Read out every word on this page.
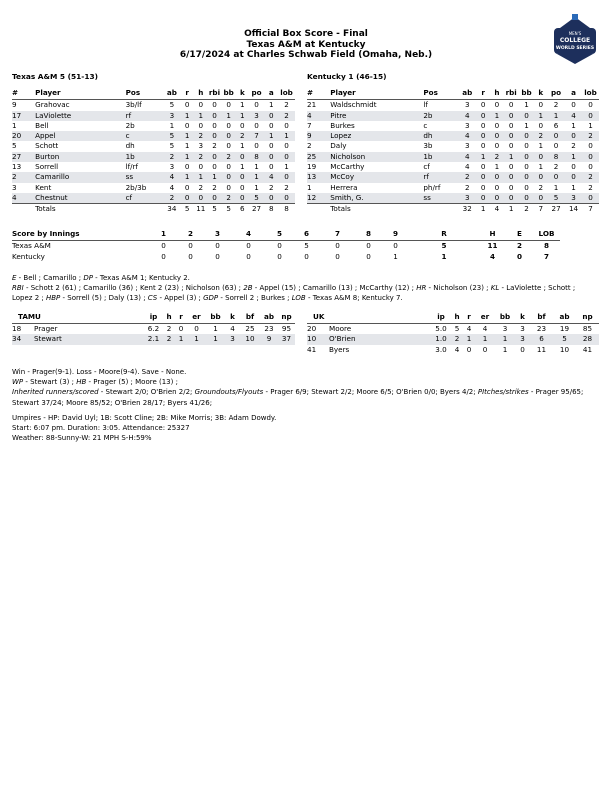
Official Box Score - Final
Texas A&M at Kentucky
6/17/2024 at Charles Schwab Field (Omaha, Neb.)
MEN'S
COLLEGE
WORLD SERIES
Texas A&M 5 (51-13)	Kentucky 1 (46-15)
#	Player	Pos	ab	r	h	rbi	bb	k	po	a	lob
9	Grahovac	3b/lf	5	0	0	0	0	1	0	1	2
17	LaViolette	rf	3	1	1	0	1	1	3	0	2
1	Bell	2b	1	0	0	0	0	0	0	0	0
20	Appel	c	5	1	2	0	0	2	7	1	1
5	Schott	dh	5	1	3	2	0	1	0	0	0
27	Burton	1b	2	1	2	0	2	0	8	0	0
13	Sorrell	lf/rf	3	0	0	0	0	1	1	0	1
2	Camarillo	ss	4	1	1	1	0	0	1	4	0
3	Kent	2b/3b	4	0	2	2	0	0	1	2	2
4	Chestnut	cf	2	0	0	0	2	0	5	0	0
	Totals		34	5	11	5	5	6	27	8	8
#	Player	Pos	ab	r	h	rbi	bb	k	po	a	lob
21	Waldschmidt	lf	3	0	0	0	1	0	2	0	0
4	Pitre	2b	4	0	1	0	0	1	1	4	0
7	Burkes	c	3	0	0	0	1	0	6	1	1
9	Lopez	dh	4	0	0	0	0	2	0	0	2
2	Daly	3b	3	0	0	0	0	1	0	2	0
25	Nicholson	1b	4	1	2	1	0	0	8	1	0
19	McCarthy	cf	4	0	1	0	0	1	2	0	0
13	McCoy	rf	2	0	0	0	0	0	0	0	2
1	Herrera	ph/rf	2	0	0	0	0	2	1	1	2
12	Smith, G.	ss	3	0	0	0	0	0	5	3	0
	Totals		32	1	4	1	2	7	27	14	7
Score by Innings	1	2	3	4	5	6	7	8	9	R	H	E	LOB
Texas A&M	0	0	0	0	0	5	0	0	0	5	11	2	8
Kentucky	0	0	0	0	0	0	0	0	1	1	4	0	7
E - Bell ; Camarillo ; DP - Texas A&M 1; Kentucky 2.
RBI - Schott 2 (61) ; Camarillo (36) ; Kent 2 (23) ; Nicholson (63) ; 2B - Appel (15) ; Camarillo (13) ; McCarthy (12) ; HR - Nicholson (23) ; KL - LaViolette ; Schott ;
Lopez 2 ; HBP - Sorrell (5) ; Daly (13) ; CS - Appel (3) ; GDP - Sorrell 2 ; Burkes ; LOB - Texas A&M 8; Kentucky 7.
TAMU		ip	h	r	er	bb	k	bf	ab	np
18	Prager	6.2	2	0	0	1	4	25	23	95
34	Stewart	2.1	2	1	1	1	3	10	9	37
UK		ip	h	r	er	bb	k	bf	ab	np
20	Moore	5.0	5	4	4	3	3	23	19	85
10	O'Brien	1.0	2	1	1	1	3	6	5	28
41	Byers	3.0	4	0	0	1	0	11	10	41
Win - Prager(9-1). Loss - Moore(9-4). Save - None.
WP - Stewart (3) ; HB - Prager (5) ; Moore (13) ;
Inherited runners/scored - Stewart 2/0; O'Brien 2/2; Groundouts/Flyouts - Prager 6/9; Stewart 2/2; Moore 6/5; O'Brien 0/0; Byers 4/2; PItches/strikes - Prager 95/65;
Stewart 37/24; Moore 85/52; O'Brien 28/17; Byers 41/26;
Umpires - HP: David Uyl; 1B: Scott Cline; 2B: Mike Morris; 3B: Adam Dowdy.
Start: 6:07 pm. Duration: 3:05. Attendance: 25327
Weather: 88-Sunny-W: 21 MPH S-H:59%
